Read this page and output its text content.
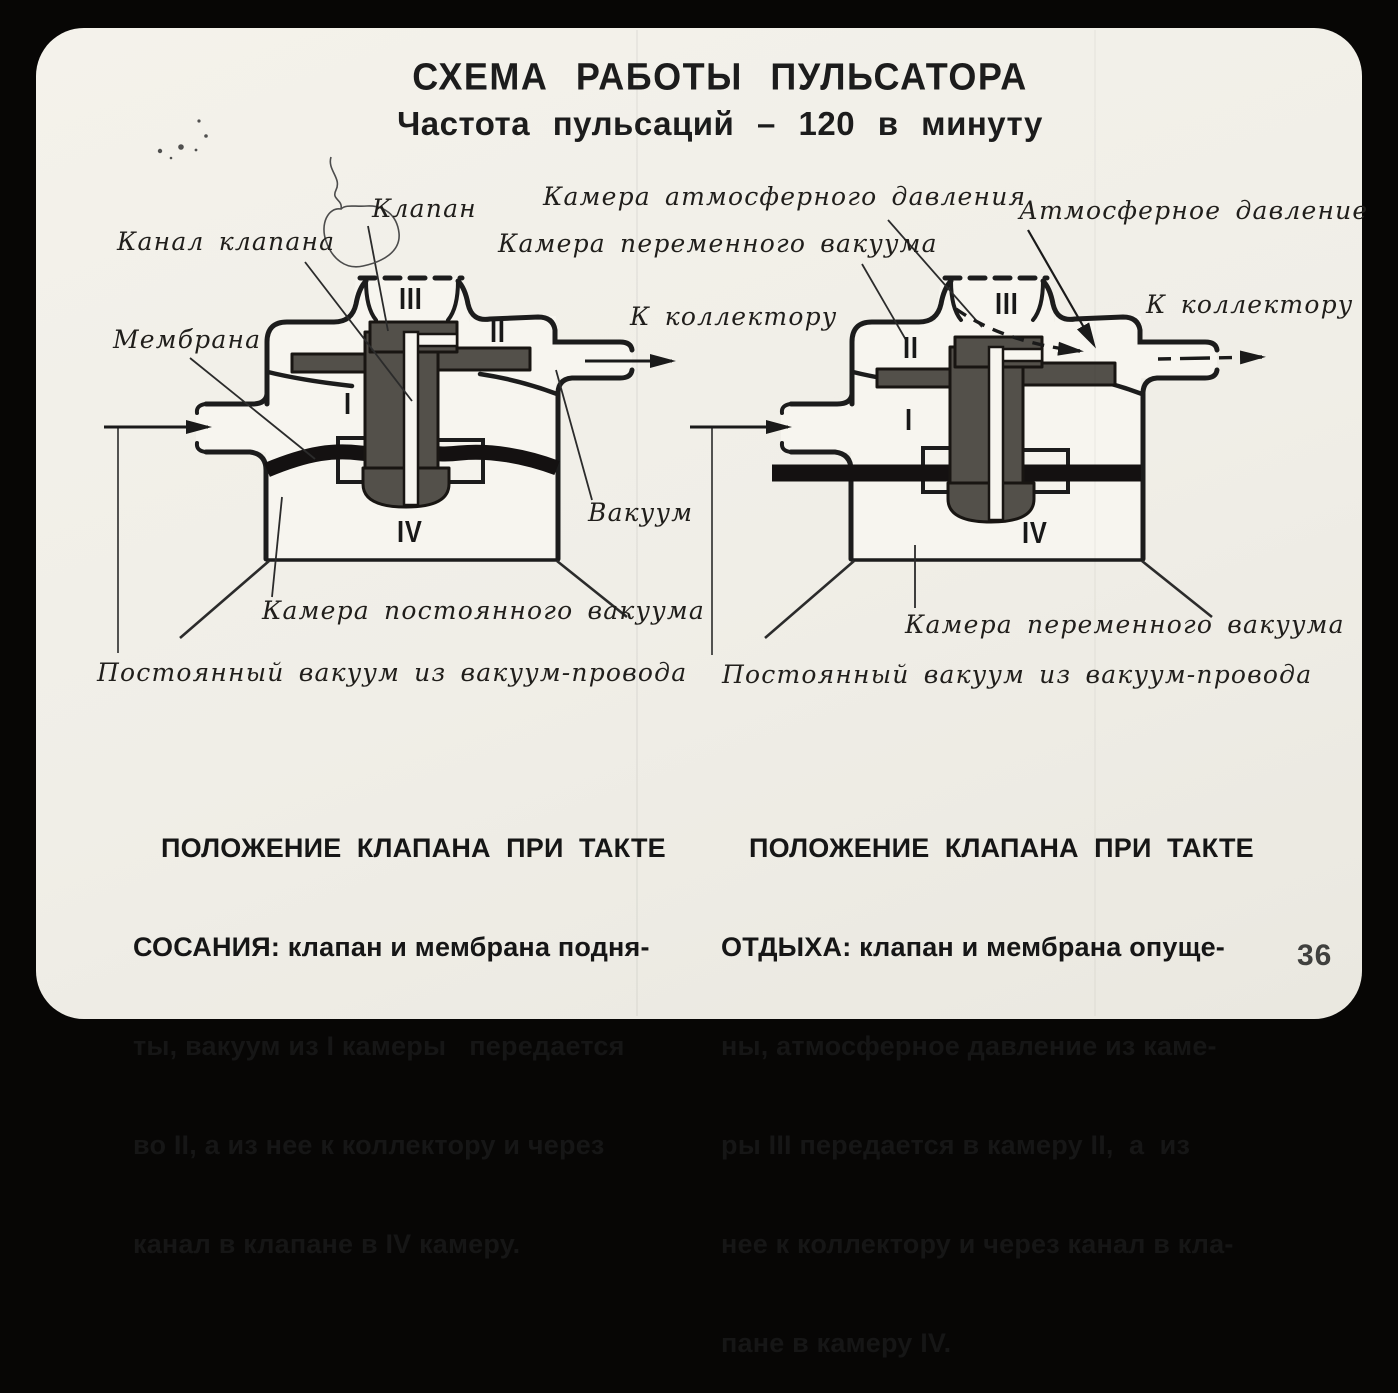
СХЕМА РАБОТЫ ПУЛЬСАТОРА
Частота пульсаций – 120 в минуту
Клапан
Канал клапана
Мембрана
К коллектору
Вакуум
Камера постоянного вакуума
Постоянный вакуум из вакуум-провода
III
II
I
IV
Камера атмосферного давления
Камера переменного вакуума
Атмосферное давление
К коллектору
Камера переменного вакуума
Постоянный вакуум из вакуум-провода
III
II
I
IV

ПОЛОЖЕНИЕ  КЛАПАНА  ПРИ  ТАКТЕ

СОСАНИЯ: клапан и мембрана подня-

ты, вакуум из I камеры   передается

во II, а из нее к коллектору и через

канал в клапане в IV камеру.

ПОЛОЖЕНИЕ  КЛАПАНА  ПРИ  ТАКТЕ

ОТДЫХА: клапан и мембрана опуще-

ны, атмосферное давление из каме-

ры III передается в камеру II,  а  из

нее к коллектору и через канал в кла-

пане в камеру IV.

36
